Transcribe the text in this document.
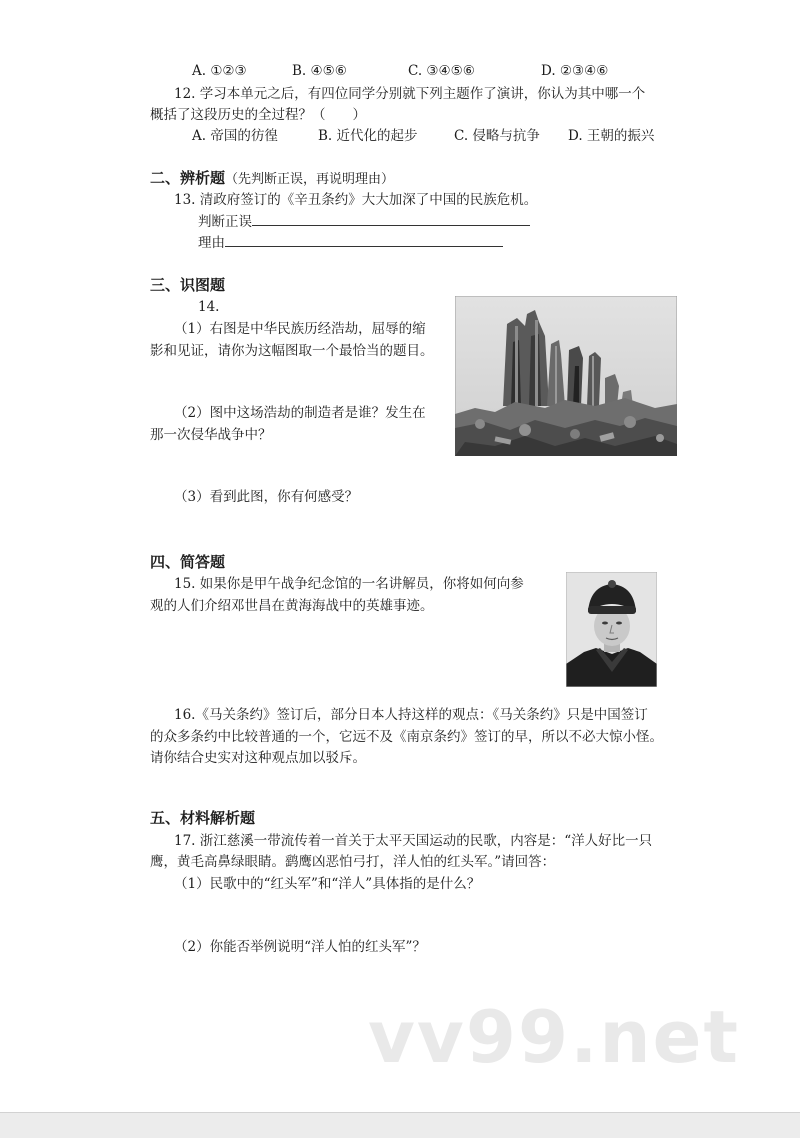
A. ①②③	B. ④⑤⑥	C. ③④⑤⑥	D. ②③④⑥
12. 学习本单元之后，有四位同学分别就下列主题作了演讲，你认为其中哪一个
概括了这段历史的全过程？（　　）
A. 帝国的彷徨	B. 近代化的起步	C. 侵略与抗争 D. 王朝的振兴
二、辨析题（先判断正误，再说明理由）
13. 清政府签订的《辛丑条约》大大加深了中国的民族危机。
判断正误
理由
三、识图题
14.
（1）右图是中华民族历经浩劫，屈辱的缩
影和见证，请你为这幅图取一个最恰当的题目。
（2）图中这场浩劫的制造者是谁？发生在
那一次侵华战争中？
（3）看到此图，你有何感受？
四、简答题
15. 如果你是甲午战争纪念馆的一名讲解员，你将如何向参
观的人们介绍邓世昌在黄海海战中的英雄事迹。
16.《马关条约》签订后，部分日本人持这样的观点：《马关条约》只是中国签订
的众多条约中比较普通的一个，它远不及《南京条约》签订的早，所以不必大惊小怪。
请你结合史实对这种观点加以驳斥。
五、材料解析题
17. 浙江慈溪一带流传着一首关于太平天国运动的民歌，内容是：“洋人好比一只
鹰，黄毛高鼻绿眼睛。鹞鹰凶恶怕弓打，洋人怕的红头军。”请回答：
（1）民歌中的“红头军”和“洋人”具体指的是什么？
（2）你能否举例说明“洋人怕的红头军”？
vv99.net
